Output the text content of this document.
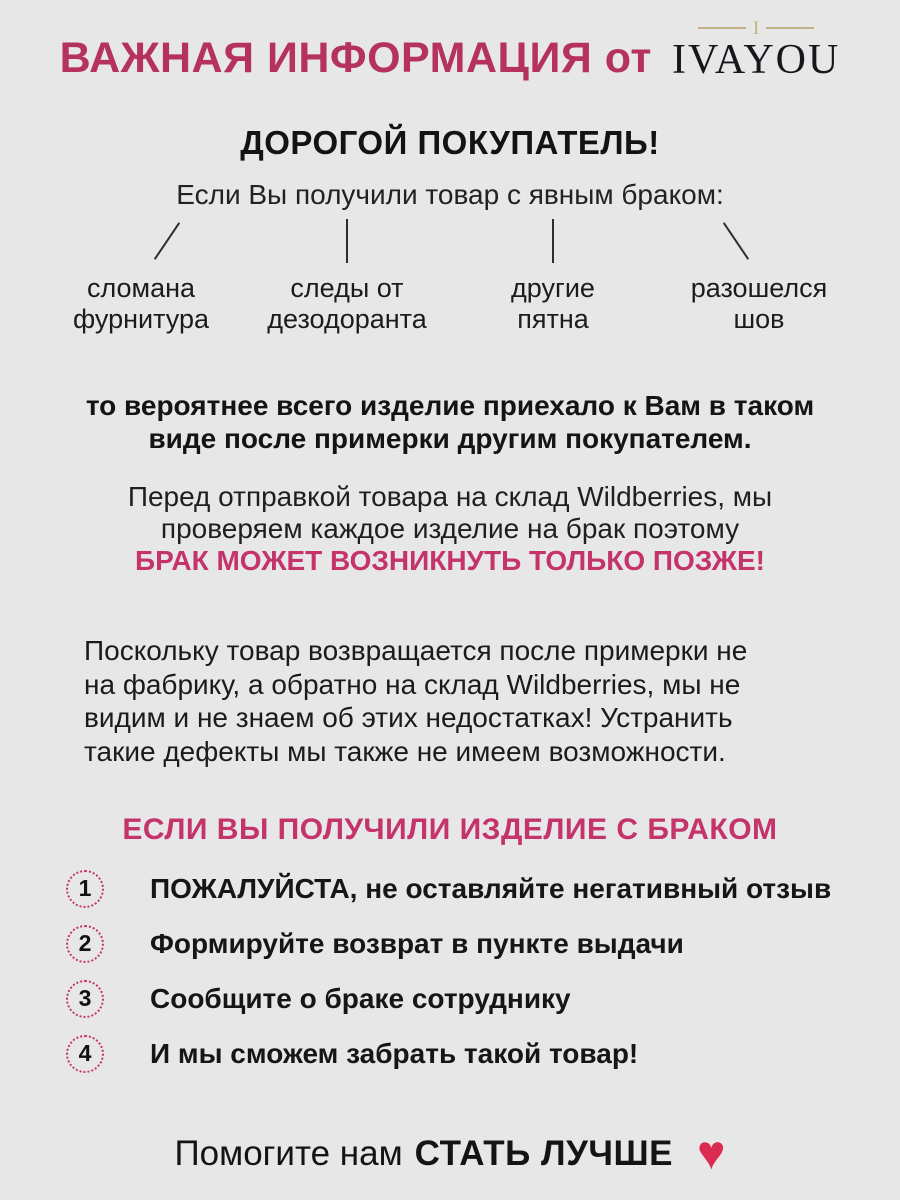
ВАЖНАЯ ИНФОРМАЦИЯ от
I
IVAYOU
ДОРОГОЙ ПОКУПАТЕЛЬ!
Если Вы получили товар с явным браком:
сломана
фурнитура
следы от
дезодоранта
другие
пятна
разошелся
шов
то вероятнее всего изделие приехало к Вам в таком
виде после примерки другим покупателем.
Перед отправкой товара на склад Wildberries, мы
проверяем каждое изделие на брак поэтому
БРАК МОЖЕТ ВОЗНИКНУТЬ ТОЛЬКО ПОЗЖЕ!
Поскольку товар возвращается после примерки не
на фабрику, а обратно на склад Wildberries, мы не
видим и не знаем об этих недостатках! Устранить
такие дефекты мы также не имеем возможности.
ЕСЛИ ВЫ ПОЛУЧИЛИ ИЗДЕЛИЕ С БРАКОМ
1	ПОЖАЛУЙСТА, не оставляйте негативный отзыв
2	Формируйте возврат в пункте выдачи
3	Сообщите о браке сотруднику
4	И мы сможем забрать такой товар!
Помогите нам СТАТЬ ЛУЧШЕ ♥
